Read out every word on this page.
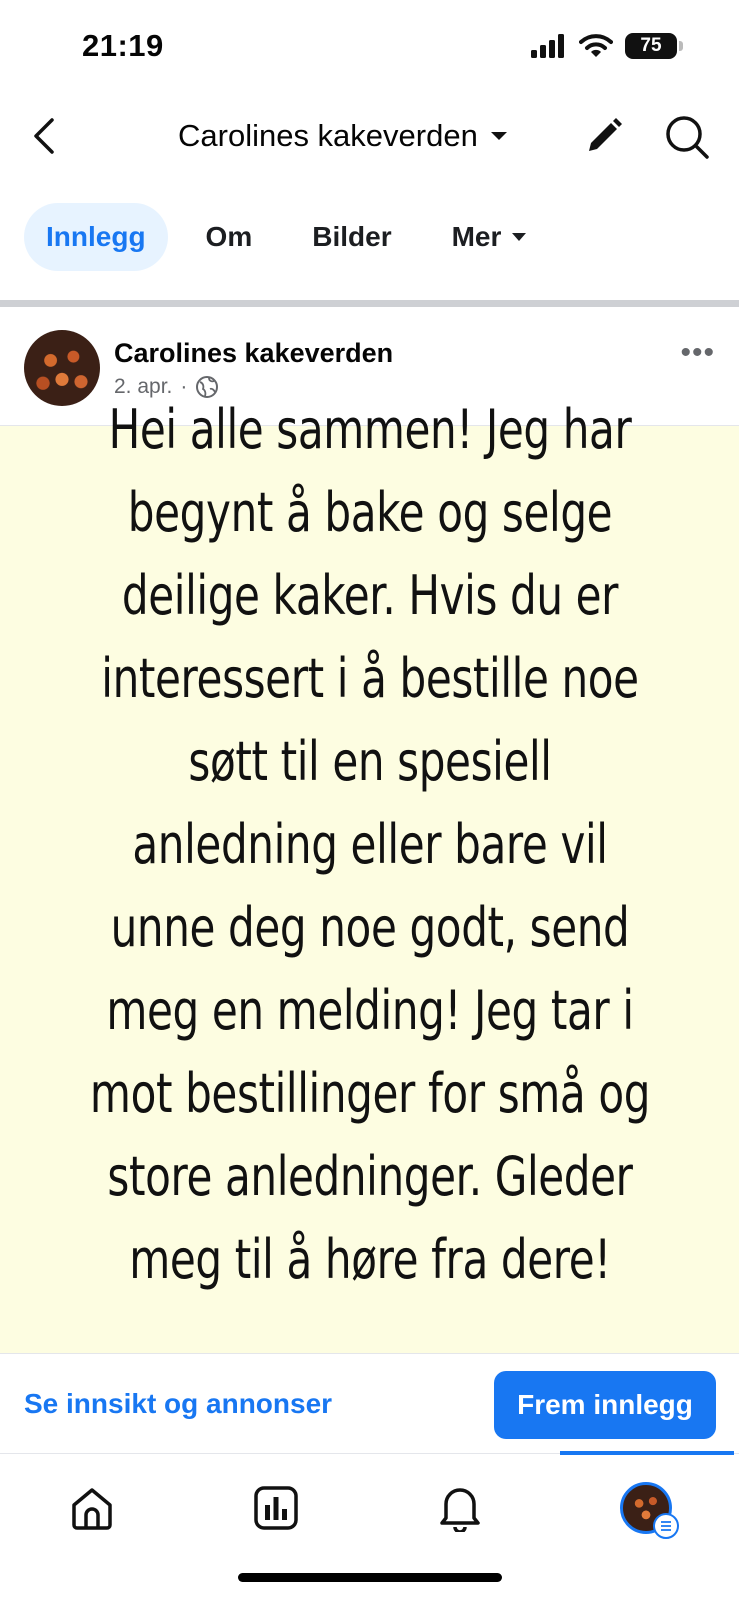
21:19	75
Carolines kakeverden
Innlegg	Om	Bilder	Mer
Carolines kakeverden
2. apr. ·
•••
Hei alle sammen! Jeg har begynt å bake og selge deilige kaker. Hvis du er interessert i å bestille noe søtt til en spesiell anledning eller bare vil unne deg noe godt, send meg en melding! Jeg tar i mot bestillinger for små og store anledninger. Gleder meg til å høre fra dere!
Se innsikt og annonser	Frem innlegg
